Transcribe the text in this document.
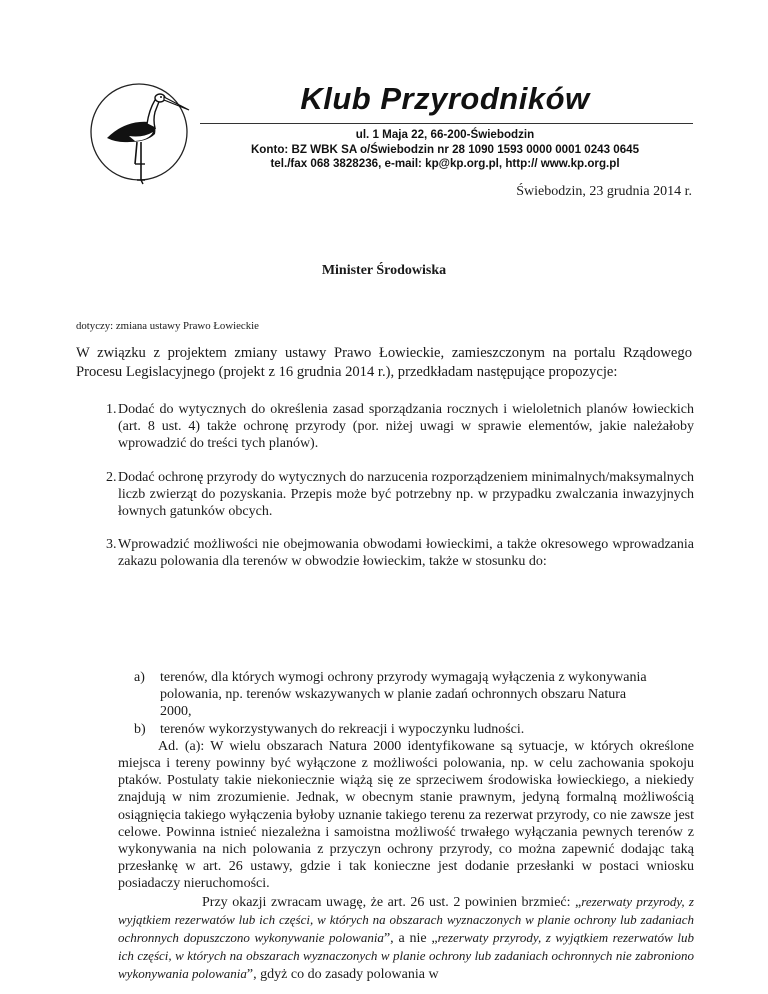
Klub Przyrodników
ul. 1 Maja 22, 66-200-Świebodzin
Konto: BZ WBK SA o/Świebodzin nr 28 1090 1593 0000 0001 0243 0645
tel./fax 068 3828236, e-mail: kp@kp.org.pl, http:// www.kp.org.pl
Świebodzin, 23 grudnia 2014 r.
Minister Środowiska
dotyczy: zmiana ustawy Prawo Łowieckie
W związku z projektem zmiany ustawy Prawo Łowieckie, zamieszczonym na portalu Rządowego Procesu Legislacyjnego (projekt z 16 grudnia 2014 r.), przedkładam następujące propozycje:
1. Dodać do wytycznych do określenia zasad sporządzania rocznych i wieloletnich planów łowieckich (art. 8 ust. 4) także ochronę przyrody (por. niżej uwagi w sprawie elementów, jakie należałoby wprowadzić do treści tych planów).
2. Dodać ochronę przyrody do wytycznych do narzucenia rozporządzeniem minimalnych/maksymalnych liczb zwierząt do pozyskania. Przepis może być potrzebny np. w przypadku zwalczania inwazyjnych łownych gatunków obcych.
3. Wprowadzić możliwości nie obejmowania obwodami łowieckimi, a także okresowego wprowadzania zakazu polowania dla terenów w obwodzie łowieckim, także w stosunku do:
a) terenów, dla których wymogi ochrony przyrody wymagają wyłączenia z wykonywania polowania, np. terenów wskazywanych w planie zadań ochronnych obszaru Natura 2000,
b) terenów wykorzystywanych do rekreacji i wypoczynku ludności.
Ad. (a): W wielu obszarach Natura 2000 identyfikowane są sytuacje, w których określone miejsca i tereny powinny być wyłączone z możliwości polowania, np. w celu zachowania spokoju ptaków. Postulaty takie niekoniecznie wiążą się ze sprzeciwem środowiska łowieckiego, a niekiedy znajdują w nim zrozumienie. Jednak, w obecnym stanie prawnym, jedyną formalną możliwością osiągnięcia takiego wyłączenia byłoby uznanie takiego terenu za rezerwat przyrody, co nie zawsze jest celowe. Powinna istnieć niezależna i samoistna możliwość trwałego wyłączania pewnych terenów z wykonywania na nich polowania z przyczyn ochrony przyrody, co można zapewnić dodając taką przesłankę w art. 26 ustawy, gdzie i tak konieczne jest dodanie przesłanki w postaci wniosku posiadaczy nieruchomości.
Przy okazji zwracam uwagę, że art. 26 ust. 2 powinien brzmieć: „rezerwaty przyrody, z wyjątkiem rezerwatów lub ich części, w których na obszarach wyznaczonych w planie ochrony lub zadaniach ochronnych dopuszczono wykonywanie polowania”, a nie „rezerwaty przyrody, z wyjątkiem rezerwatów lub ich części, w których na obszarach wyznaczonych w planie ochrony lub zadaniach ochronnych nie zabroniono wykonywania polowania”, gdyż co do zasady polowania w
